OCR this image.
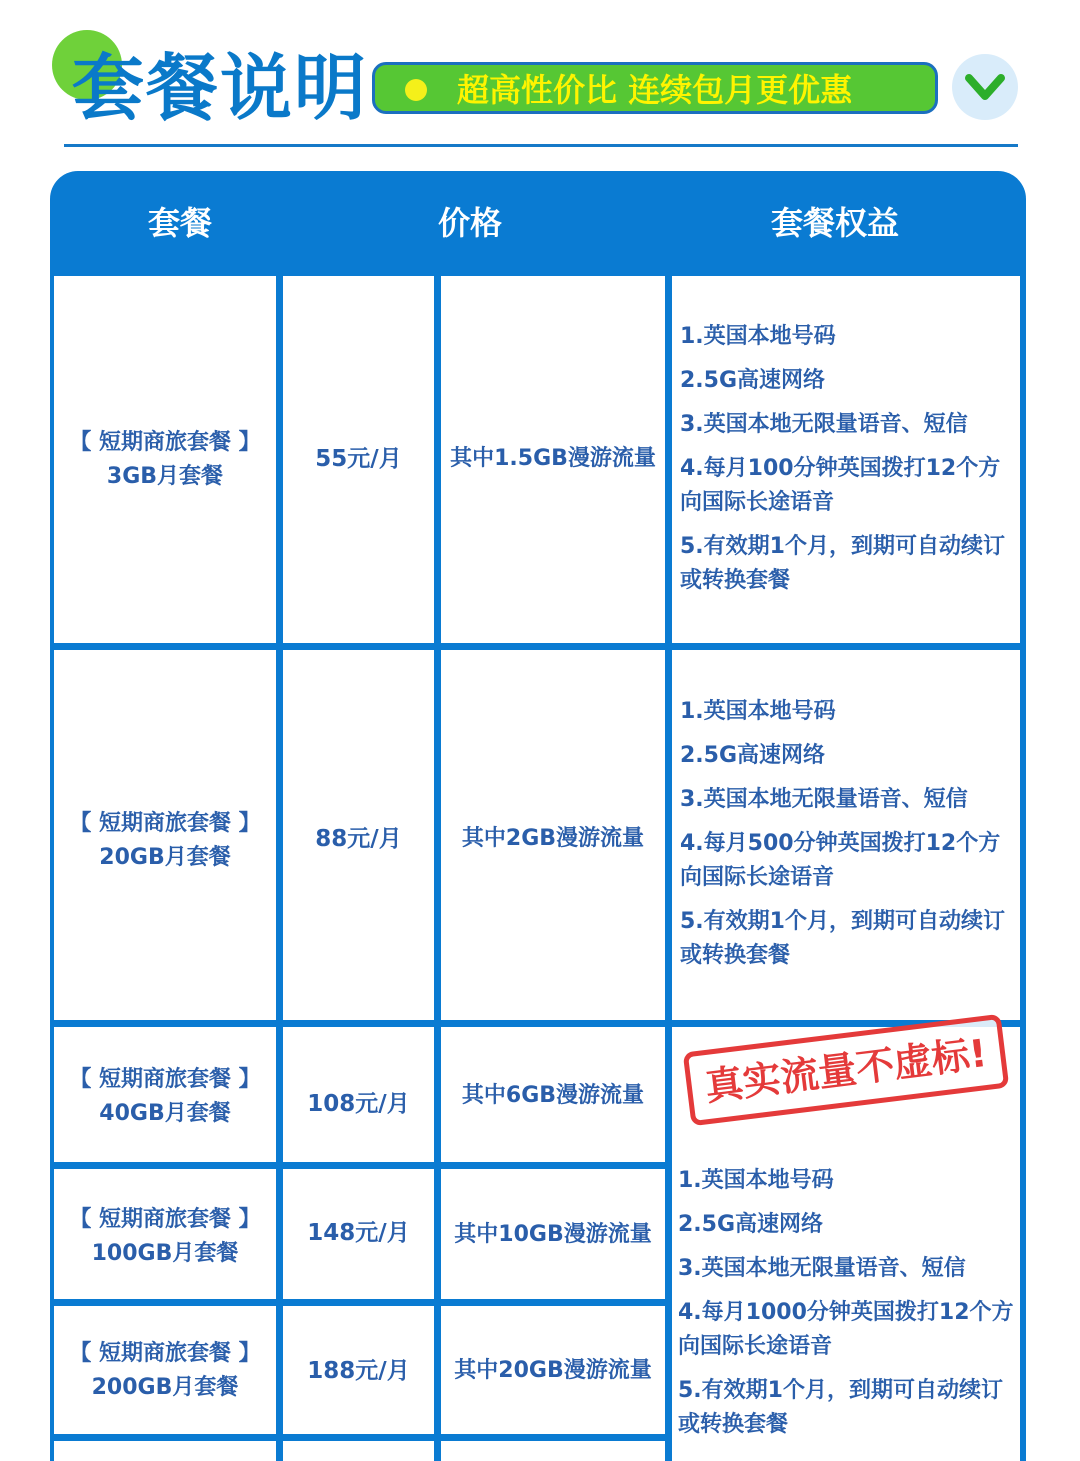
套餐说明	超高性价比 连续包月更优惠
套餐	价格	套餐权益
【 短期商旅套餐 】
3GB月套餐
55元/月	其中1.5GB漫游流量

1.英国本地号码

2.5G高速网络

3.英国本地无限量语音、短信

4.每月100分钟英国拨打12个方向国际长途语音

5.有效期1个月，到期可自动续订或转换套餐

【 短期商旅套餐 】
20GB月套餐
88元/月	其中2GB漫游流量

1.英国本地号码

2.5G高速网络

3.英国本地无限量语音、短信

4.每月500分钟英国拨打12个方向国际长途语音

5.有效期1个月，到期可自动续订或转换套餐

【 短期商旅套餐 】
40GB月套餐	108元/月	其中6GB漫游流量
【 短期商旅套餐 】
100GB月套餐
148元/月	其中10GB漫游流量
【 短期商旅套餐 】
200GB月套餐
188元/月	其中20GB漫游流量

1.英国本地号码

2.5G高速网络

3.英国本地无限量语音、短信

4.每月1000分钟英国拨打12个方向国际长途语音

5.有效期1个月，到期可自动续订或转换套餐

真实流量不虚标!
